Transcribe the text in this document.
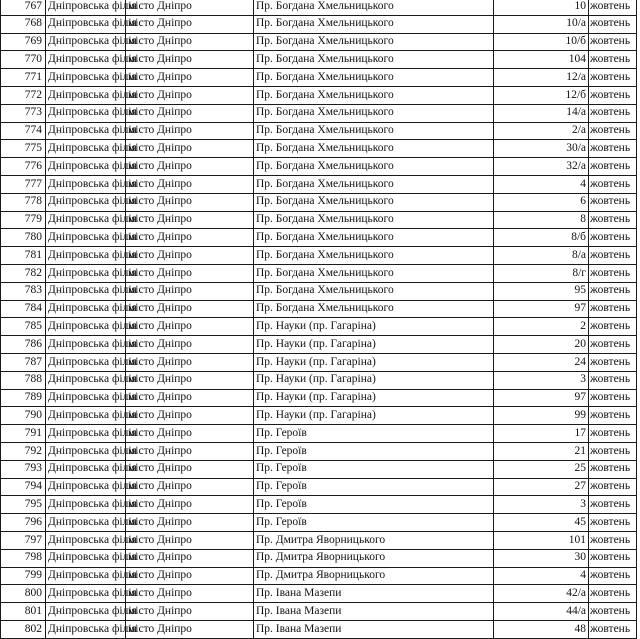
767	Дніпровська філія	місто Дніпро	Пр. Богдана Хмельницького	10	жовтень
768	Дніпровська філія	місто Дніпро	Пр. Богдана Хмельницького	10/а	жовтень
769	Дніпровська філія	місто Дніпро	Пр. Богдана Хмельницького	10/б	жовтень
770	Дніпровська філія	місто Дніпро	Пр. Богдана Хмельницького	104	жовтень
771	Дніпровська філія	місто Дніпро	Пр. Богдана Хмельницького	12/а	жовтень
772	Дніпровська філія	місто Дніпро	Пр. Богдана Хмельницького	12/б	жовтень
773	Дніпровська філія	місто Дніпро	Пр. Богдана Хмельницького	14/а	жовтень
774	Дніпровська філія	місто Дніпро	Пр. Богдана Хмельницького	2/а	жовтень
775	Дніпровська філія	місто Дніпро	Пр. Богдана Хмельницького	30/а	жовтень
776	Дніпровська філія	місто Дніпро	Пр. Богдана Хмельницького	32/а	жовтень
777	Дніпровська філія	місто Дніпро	Пр. Богдана Хмельницького	4	жовтень
778	Дніпровська філія	місто Дніпро	Пр. Богдана Хмельницького	6	жовтень
779	Дніпровська філія	місто Дніпро	Пр. Богдана Хмельницького	8	жовтень
780	Дніпровська філія	місто Дніпро	Пр. Богдана Хмельницького	8/б	жовтень
781	Дніпровська філія	місто Дніпро	Пр. Богдана Хмельницького	8/а	жовтень
782	Дніпровська філія	місто Дніпро	Пр. Богдана Хмельницького	8/г	жовтень
783	Дніпровська філія	місто Дніпро	Пр. Богдана Хмельницького	95	жовтень
784	Дніпровська філія	місто Дніпро	Пр. Богдана Хмельницького	97	жовтень
785	Дніпровська філія	місто Дніпро	Пр. Науки (пр. Гагаріна)	2	жовтень
786	Дніпровська філія	місто Дніпро	Пр. Науки (пр. Гагаріна)	20	жовтень
787	Дніпровська філія	місто Дніпро	Пр. Науки (пр. Гагаріна)	24	жовтень
788	Дніпровська філія	місто Дніпро	Пр. Науки (пр. Гагаріна)	3	жовтень
789	Дніпровська філія	місто Дніпро	Пр. Науки (пр. Гагаріна)	97	жовтень
790	Дніпровська філія	місто Дніпро	Пр. Науки (пр. Гагаріна)	99	жовтень
791	Дніпровська філія	місто Дніпро	Пр. Героїв	17	жовтень
792	Дніпровська філія	місто Дніпро	Пр. Героїв	21	жовтень
793	Дніпровська філія	місто Дніпро	Пр. Героїв	25	жовтень
794	Дніпровська філія	місто Дніпро	Пр. Героїв	27	жовтень
795	Дніпровська філія	місто Дніпро	Пр. Героїв	3	жовтень
796	Дніпровська філія	місто Дніпро	Пр. Героїв	45	жовтень
797	Дніпровська філія	місто Дніпро	Пр. Дмитра Яворницького	101	жовтень
798	Дніпровська філія	місто Дніпро	Пр. Дмитра Яворницького	30	жовтень
799	Дніпровська філія	місто Дніпро	Пр. Дмитра Яворницького	4	жовтень
800	Дніпровська філія	місто Дніпро	Пр. Івана Мазепи	42/а	жовтень
801	Дніпровська філія	місто Дніпро	Пр. Івана Мазепи	44/а	жовтень
802	Дніпровська філія	місто Дніпро	Пр. Івана Мазепи	48	жовтень
